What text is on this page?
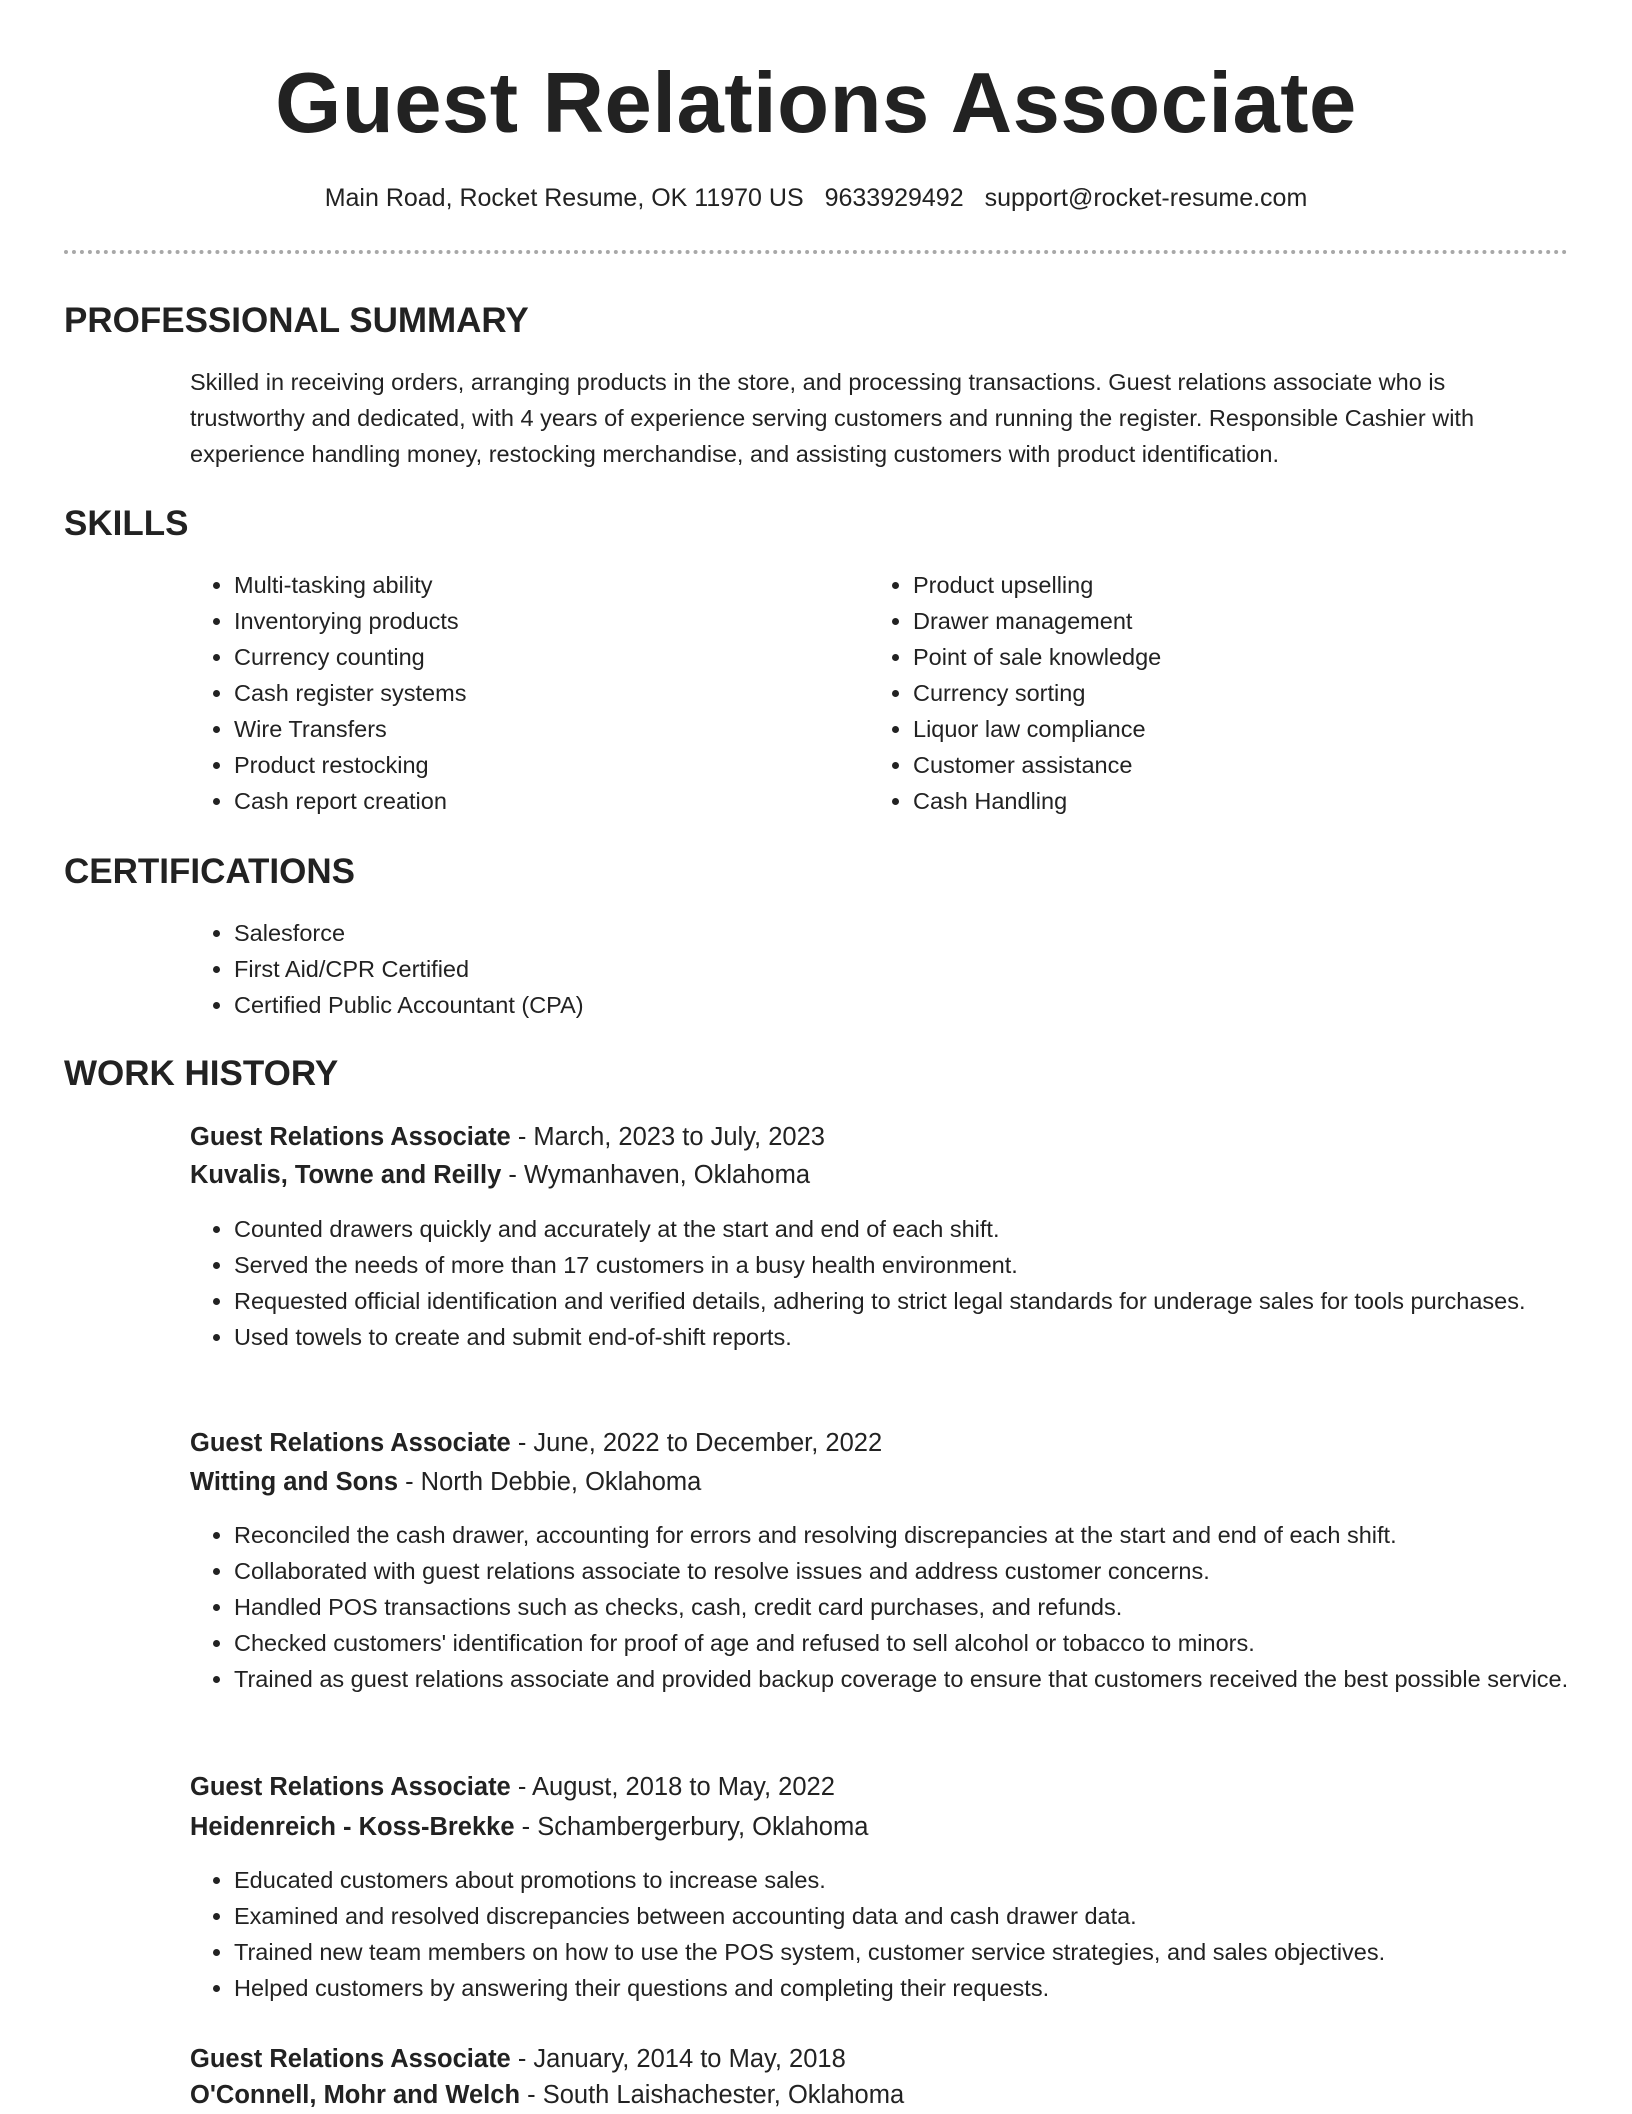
Guest Relations Associate
Main Road, Rocket Resume, OK 11970 US 9633929492 support@rocket-resume.com
PROFESSIONAL SUMMARY

Skilled in receiving orders, arranging products in the store, and processing transactions. Guest relations associate who is trustworthy and dedicated, with 4 years of experience serving customers and running the register. Responsible Cashier with experience handling money, restocking merchandise, and assisting customers with product identification.

SKILLS
• Multi-tasking ability
• Inventorying products
• Currency counting
• Cash register systems
• Wire Transfers
• Product restocking
• Cash report creation
• Product upselling
• Drawer management
• Point of sale knowledge
• Currency sorting
• Liquor law compliance
• Customer assistance
• Cash Handling
CERTIFICATIONS
• Salesforce
• First Aid/CPR Certified
• Certified Public Accountant (CPA)
WORK HISTORY

Guest Relations Associate - March, 2023 to July, 2023

Kuvalis, Towne and Reilly - Wymanhaven, Oklahoma

• Counted drawers quickly and accurately at the start and end of each shift.
• Served the needs of more than 17 customers in a busy health environment.
• Requested official identification and verified details, adhering to strict legal standards for underage sales for tools purchases.
• Used towels to create and submit end-of-shift reports.

Guest Relations Associate - June, 2022 to December, 2022

Witting and Sons - North Debbie, Oklahoma

• Reconciled the cash drawer, accounting for errors and resolving discrepancies at the start and end of each shift.
• Collaborated with guest relations associate to resolve issues and address customer concerns.
• Handled POS transactions such as checks, cash, credit card purchases, and refunds.
• Checked customers' identification for proof of age and refused to sell alcohol or tobacco to minors.
• Trained as guest relations associate and provided backup coverage to ensure that customers received the best possible service.

Guest Relations Associate - August, 2018 to May, 2022

Heidenreich - Koss-Brekke - Schambergerbury, Oklahoma

• Educated customers about promotions to increase sales.
• Examined and resolved discrepancies between accounting data and cash drawer data.
• Trained new team members on how to use the POS system, customer service strategies, and sales objectives.
• Helped customers by answering their questions and completing their requests.

Guest Relations Associate - January, 2014 to May, 2018

O'Connell, Mohr and Welch - South Laishachester, Oklahoma
